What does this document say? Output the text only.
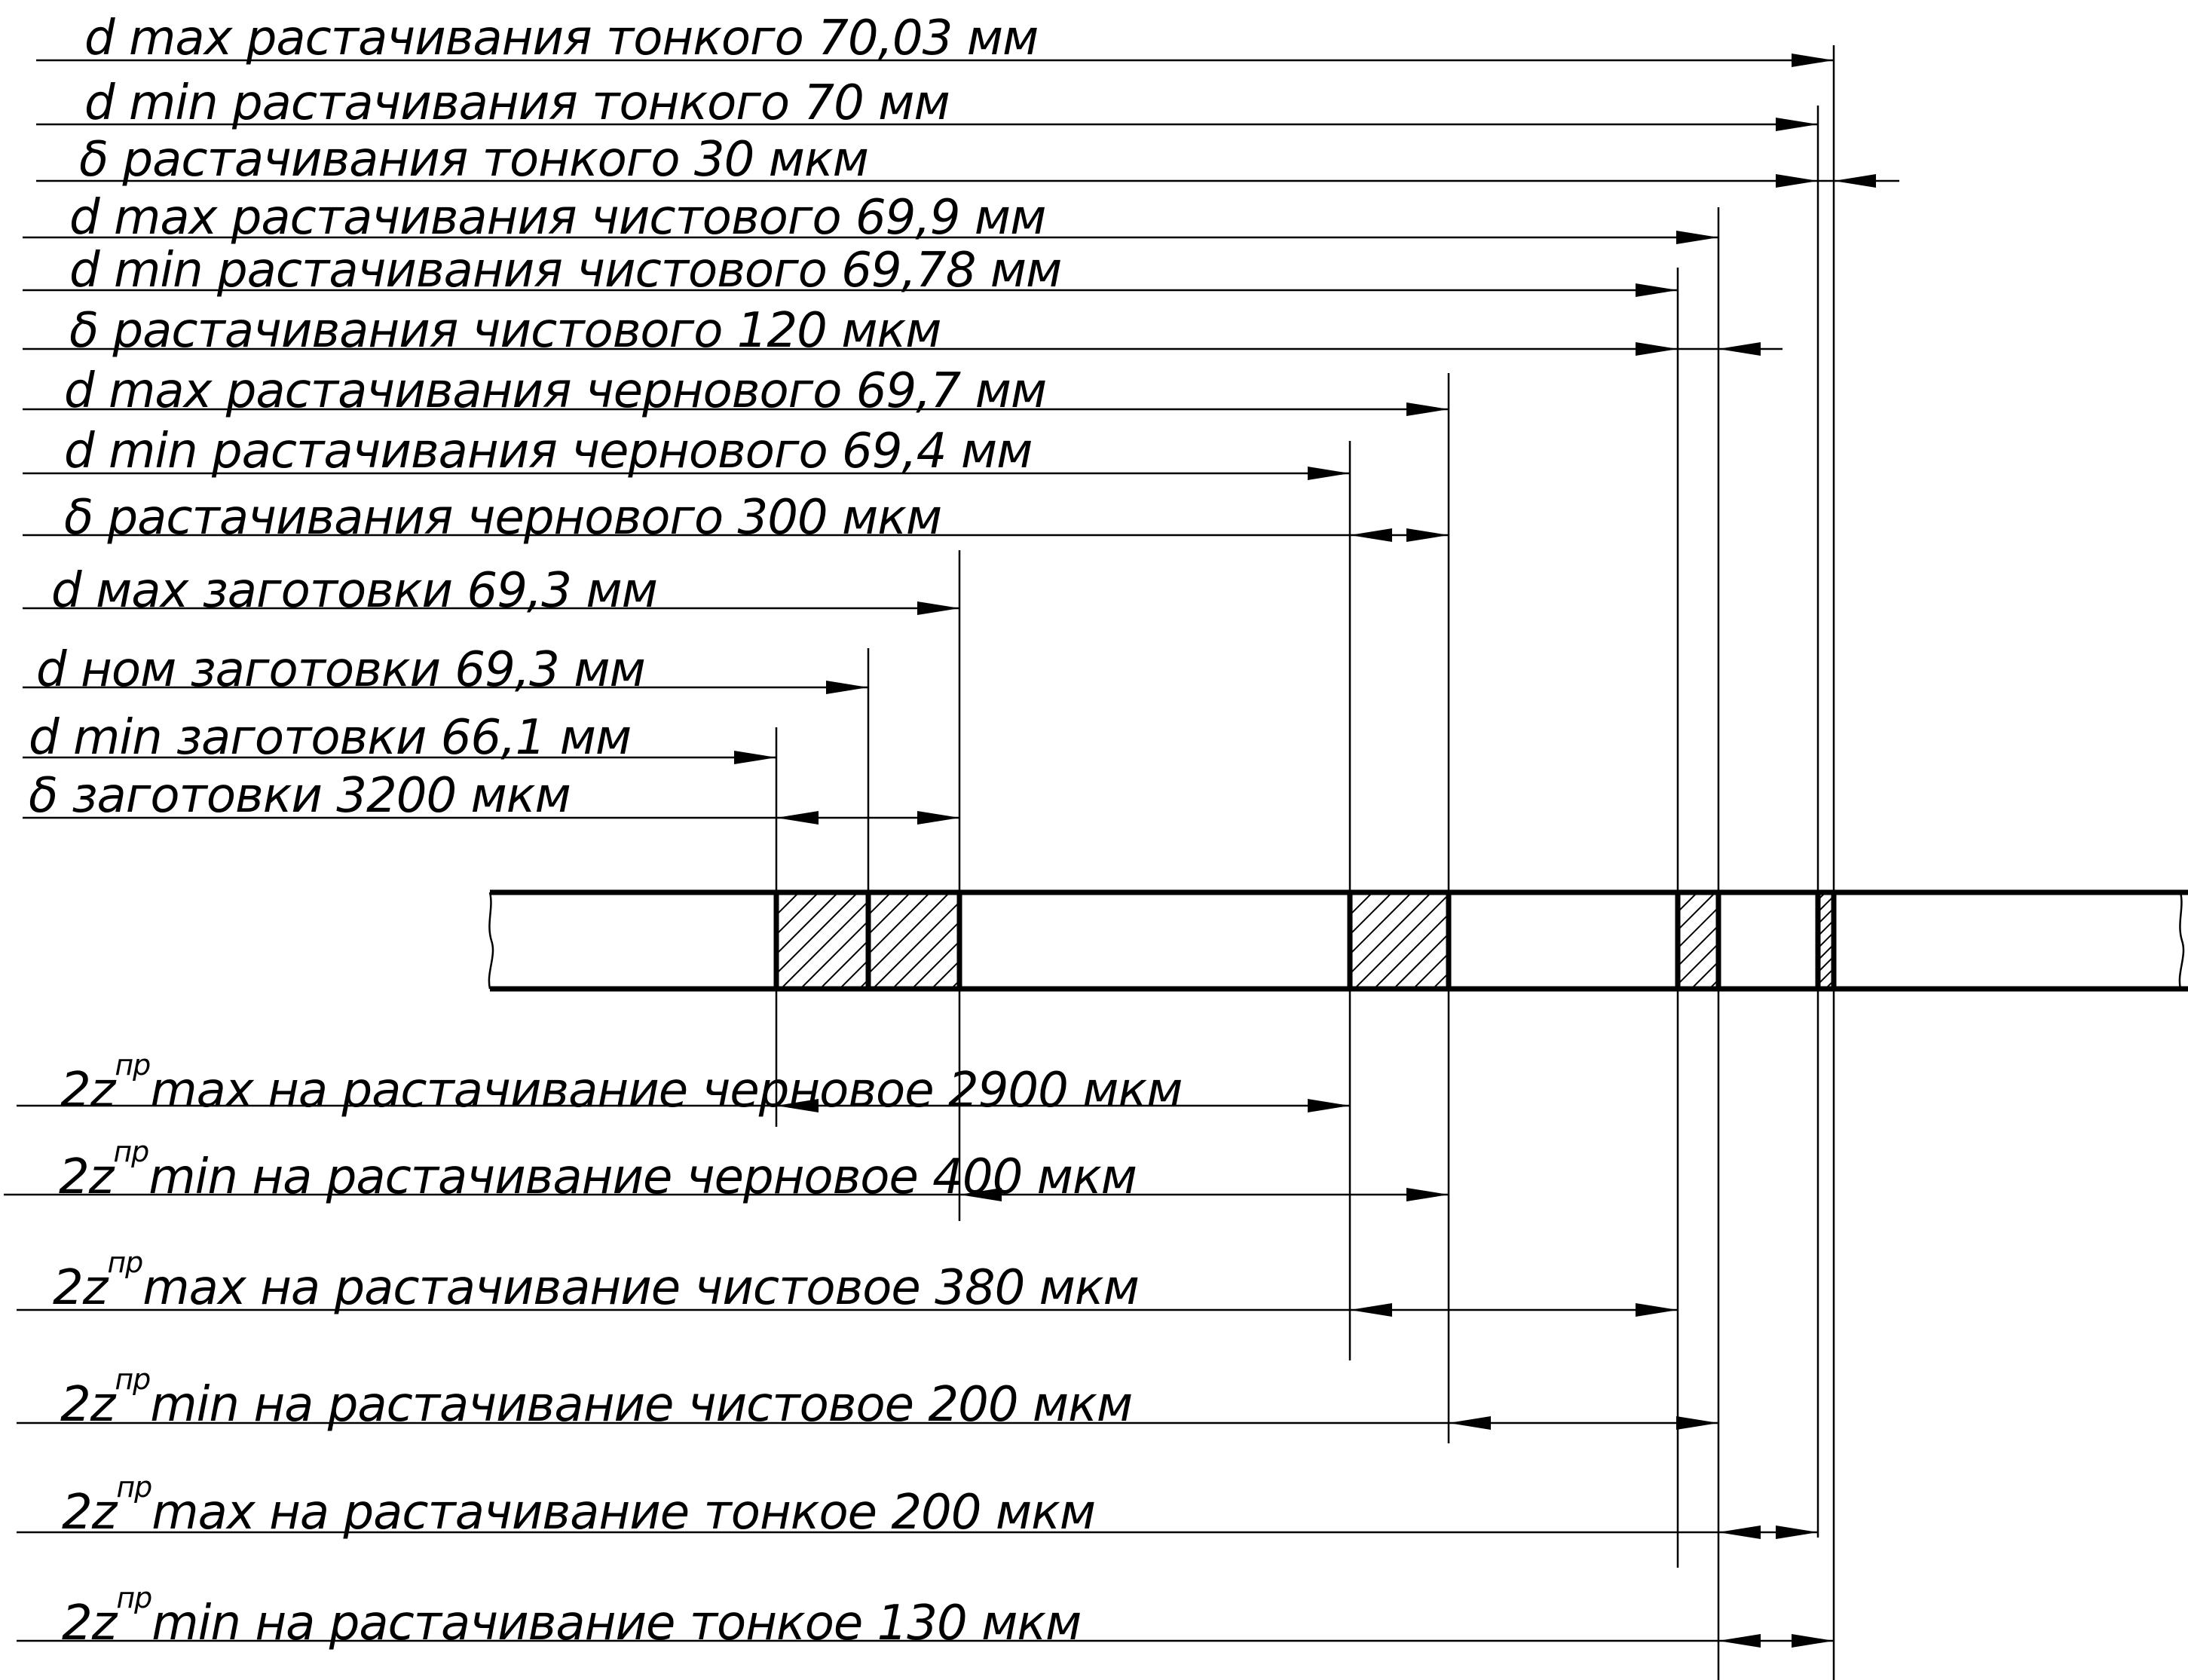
d max растачивания тонкого 70,03 мм
d min растачивания тонкого 70 мм
δ растачивания тонкого 30 мкм
d max растачивания чистового 69,9 мм
d min растачивания чистового 69,78 мм
δ растачивания чистового 120 мкм
d max растачивания чернового 69,7 мм
d min растачивания чернового 69,4 мм
δ растачивания чернового 300 мкм
d мах заготовки 69,3 мм
d ном заготовки 69,3 мм
d min заготовки 66,1 мм
δ заготовки 3200 мкм
$2z^{пр}\max$ на растачивание черновое 2900 мкм
$2z^{пр}\min$ на растачивание черновое 400 мкм
$2z^{пр}\max$ на растачивание чистовое 380 мкм
$2z^{пр}\min$ на растачивание чистовое 200 мкм
$2z^{пр}\max$ на растачивание тонкое 200 мкм
$2z^{пр}\min$ на растачивание тонкое 130 мкм
